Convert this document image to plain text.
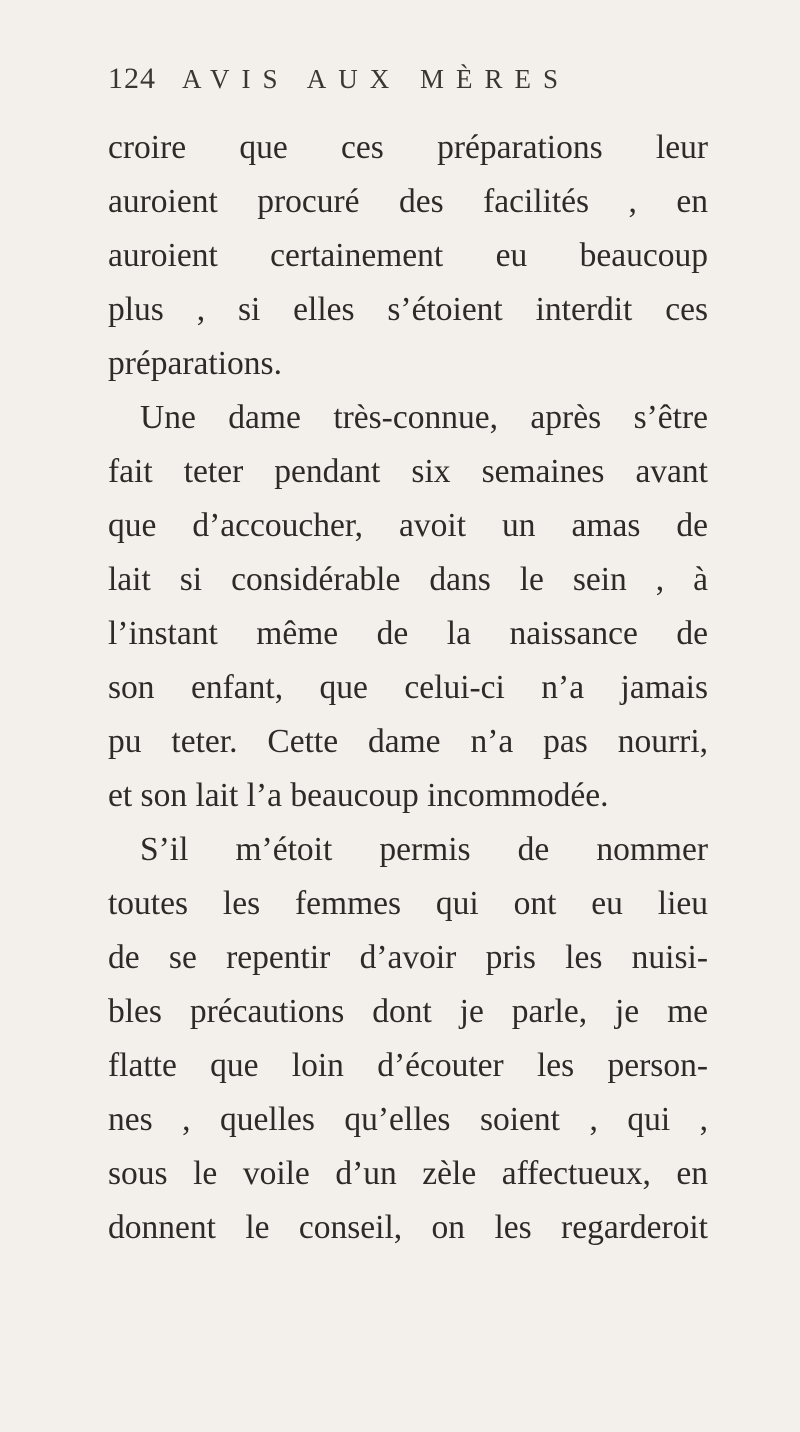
124 AVIS AUX MÈRES
croire que ces préparations leur
auroient procuré des facilités , en
auroient certainement eu beaucoup
plus , si elles s’étoient interdit ces
préparations.
Une dame très-connue, après s’être
fait teter pendant six semaines avant
que d’accoucher, avoit un amas de
lait si considérable dans le sein , à
l’instant même de la naissance de
son enfant, que celui-ci n’a jamais
pu teter. Cette dame n’a pas nourri,
et son lait l’a beaucoup incommodée.
S’il m’étoit permis de nommer
toutes les femmes qui ont eu lieu
de se repentir d’avoir pris les nuisi-
bles précautions dont je parle, je me
flatte que loin d’écouter les person-
nes , quelles qu’elles soient , qui ,
sous le voile d’un zèle affectueux, en
donnent le conseil, on les regarderoit
